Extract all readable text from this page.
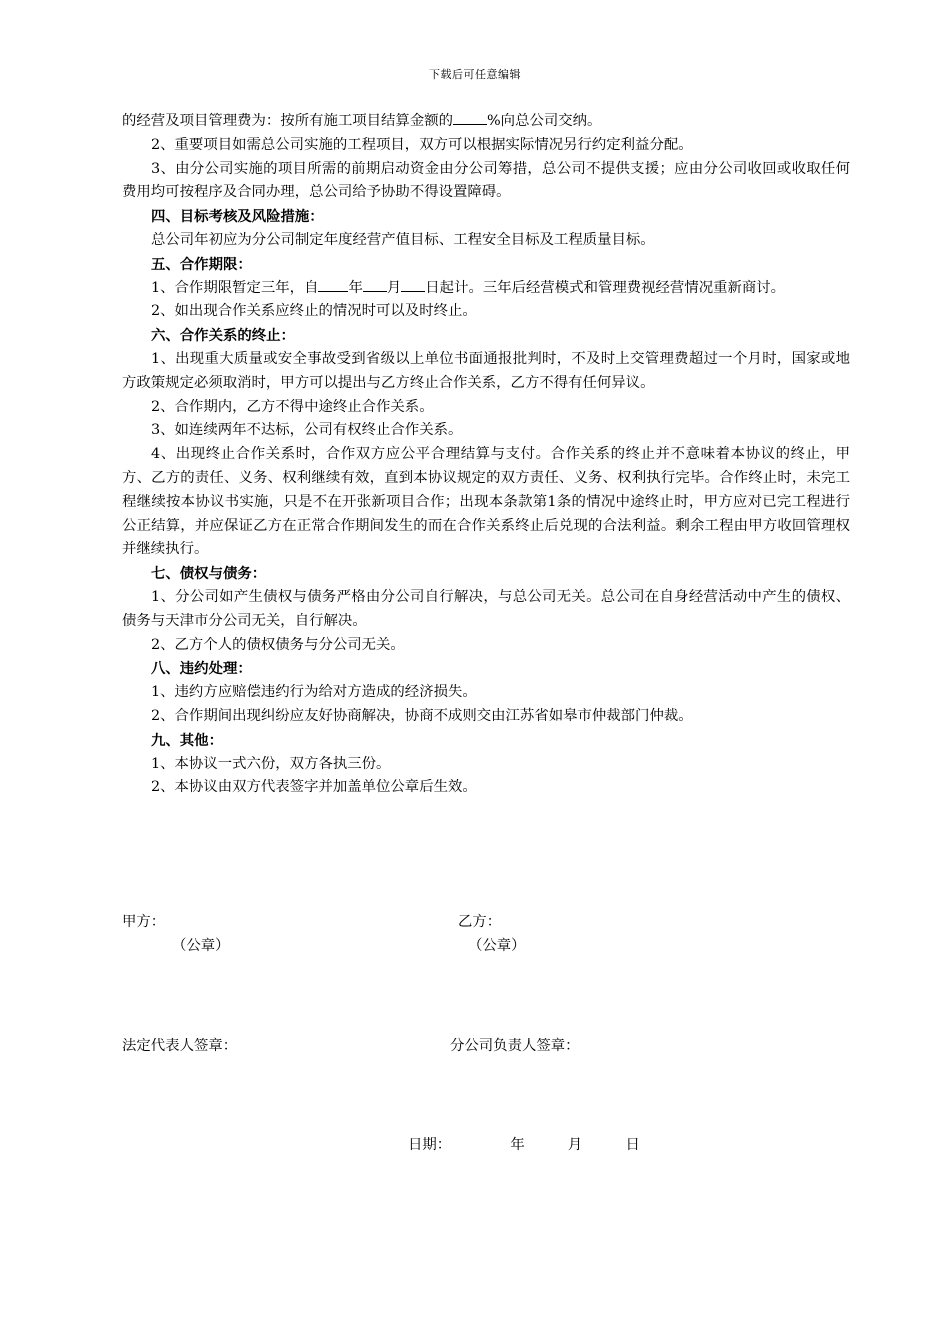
下载后可任意编辑

的经营及项目管理费为：按所有施工项目结算金额的 %向总公司交纳。

2、重要项目如需总公司实施的工程项目，双方可以根据实际情况另行约定利益分配。

3、由分公司实施的项目所需的前期启动资金由分公司筹措，总公司不提供支援；应由分公司收回或收取任何费用均可按程序及合同办理，总公司给予协助不得设置障碍。

四、目标考核及风险措施：

总公司年初应为分公司制定年度经营产值目标、工程安全目标及工程质量目标。

五、合作期限：

1、合作期限暂定三年，自 年 月 日起计。三年后经营模式和管理费视经营情况重新商讨。

2、如出现合作关系应终止的情况时可以及时终止。

六、合作关系的终止：

1、出现重大质量或安全事故受到省级以上单位书面通报批判时，不及时上交管理费超过一个月时，国家或地方政策规定必须取消时，甲方可以提出与乙方终止合作关系，乙方不得有任何异议。

2、合作期内，乙方不得中途终止合作关系。

3、如连续两年不达标，公司有权终止合作关系。

4、出现终止合作关系时，合作双方应公平合理结算与支付。合作关系的终止并不意味着本协议的终止，甲方、乙方的责任、义务、权利继续有效，直到本协议规定的双方责任、义务、权利执行完毕。合作终止时，未完工程继续按本协议书实施，只是不在开张新项目合作；出现本条款第1条的情况中途终止时，甲方应对已完工程进行公正结算，并应保证乙方在正常合作期间发生的而在合作关系终止后兑现的合法利益。剩余工程由甲方收回管理权并继续执行。

七、债权与债务：

1、分公司如产生债权与债务严格由分公司自行解决，与总公司无关。总公司在自身经营活动中产生的债权、债务与天津市分公司无关，自行解决。

2、乙方个人的债权债务与分公司无关。

八、违约处理：

1、违约方应赔偿违约行为给对方造成的经济损失。

2、合作期间出现纠纷应友好协商解决，协商不成则交由江苏省如皋市仲裁部门仲裁。

九、其他：

1、本协议一式六份，双方各执三份。

2、本协议由双方代表签字并加盖单位公章后生效。

甲方：
（公章）
乙方：
（公章）
法定代表人签章：	分公司负责人签章：
日期：	年	月	日
